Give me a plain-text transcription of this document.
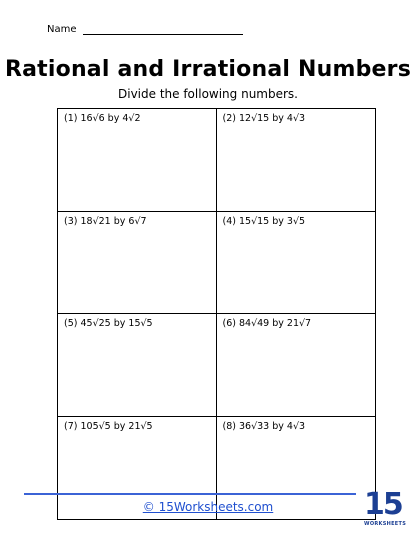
Name
Rational and Irrational Numbers
Divide the following numbers.
(1) 16√6 by 4√2	(2) 12√15 by 4√3
(3) 18√21 by 6√7	(4) 15√15 by 3√5
(5) 45√25 by 15√5	(6) 84√49 by 21√7
(7) 105√5 by 21√5	(8) 36√33 by 4√3
© 15Worksheets.com	15
WORKSHEETS
